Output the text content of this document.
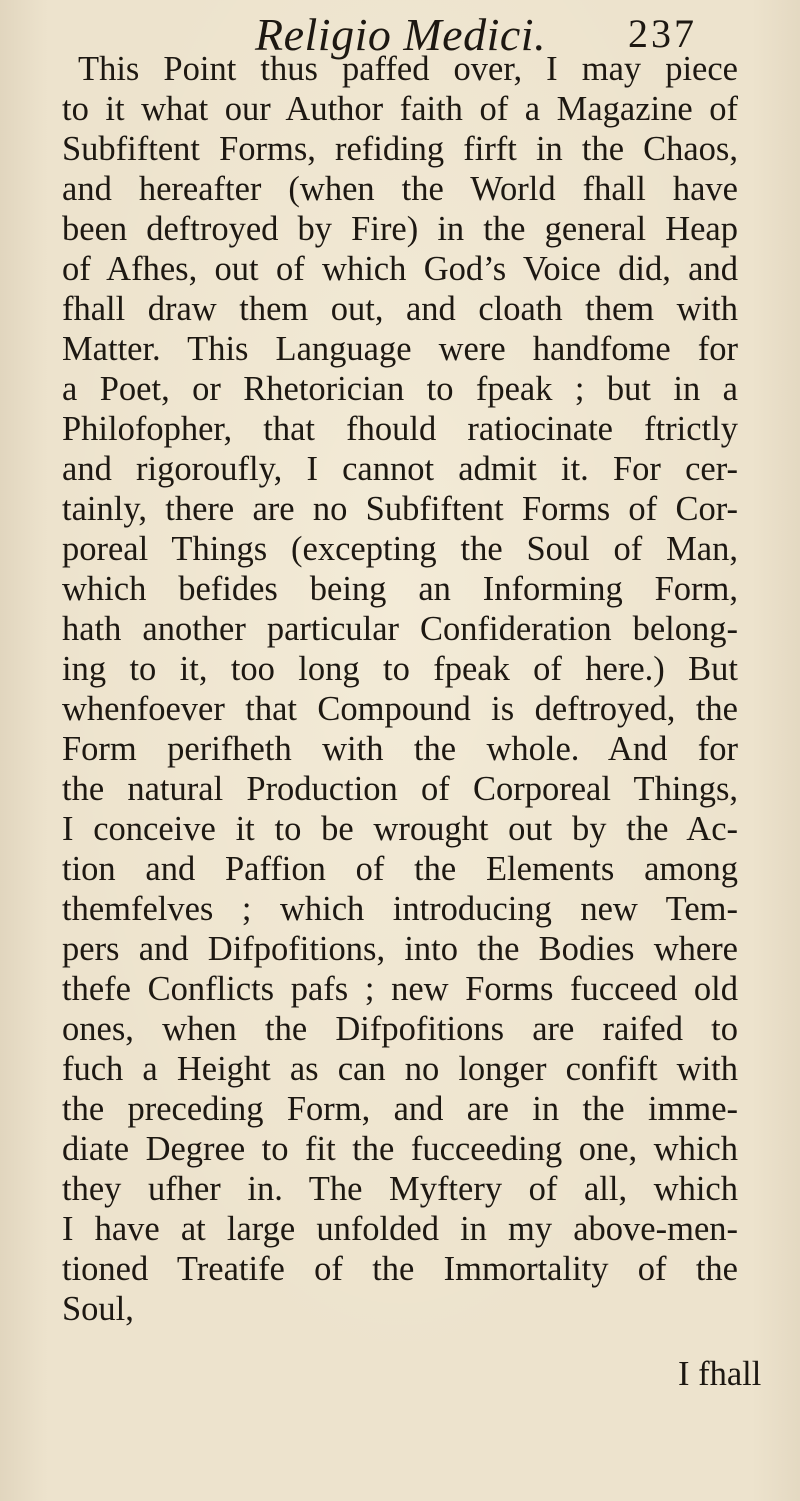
Religio Medici. 237
This Point thus paffed over, I may piece
to it what our Author faith of a Magazine of
Subfiftent Forms, refiding firft in the Chaos,
and hereafter (when the World fhall have
been deftroyed by Fire) in the general Heap
of Afhes, out of which God’s Voice did, and
fhall draw them out, and cloath them with
Matter. This Language were handfome for
a Poet, or Rhetorician to fpeak ; but in a
Philofopher, that fhould ratiocinate ftrictly
and rigoroufly, I cannot admit it. For cer-
tainly, there are no Subfiftent Forms of Cor-
poreal Things (excepting the Soul of Man,
which befides being an Informing Form,
hath another particular Confideration belong-
ing to it, too long to fpeak of here.) But
whenfoever that Compound is deftroyed, the
Form perifheth with the whole. And for
the natural Production of Corporeal Things,
I conceive it to be wrought out by the Ac-
tion and Paffion of the Elements among
themfelves ; which introducing new Tem-
pers and Difpofitions, into the Bodies where
thefe Conflicts pafs ; new Forms fucceed old
ones, when the Difpofitions are raifed to
fuch a Height as can no longer confift with
the preceding Form, and are in the imme-
diate Degree to fit the fucceeding one, which
they ufher in. The Myftery of all, which
I have at large unfolded in my above-men-
tioned Treatife of the Immortality of the
Soul,
I fhall
